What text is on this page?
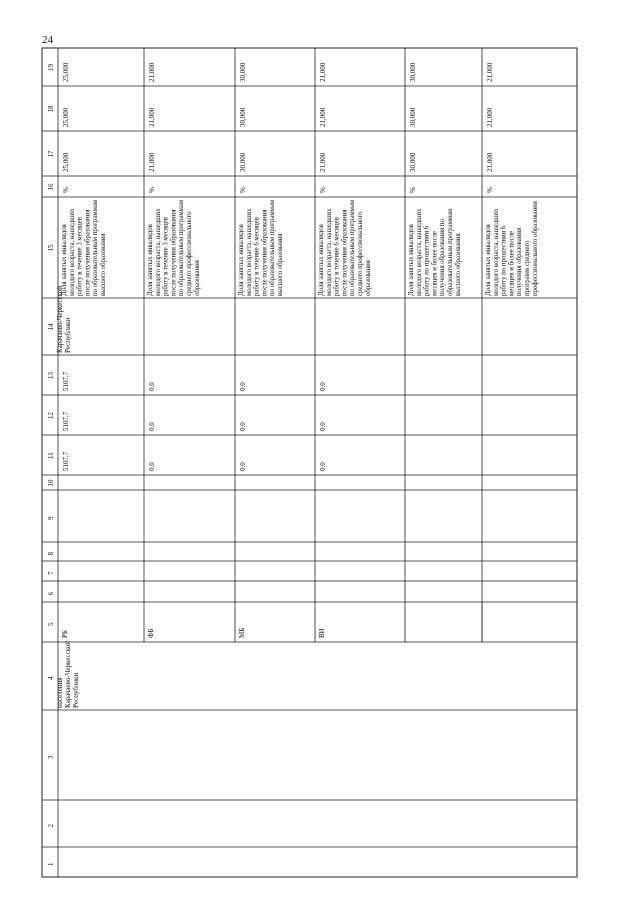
24
1
2
3
4
5
6
7
8
9
10
11
12
13
14
15
16
17
18
19
населения Карачаево-Черкесской Республики
Карачаево-Черкесской Республики
РБ
5107,7
5107,7
5107,7
Доля занятых инвалидов молодого возраста, нашедших работу в течение 3 месяцев после получения образования по образовательным программам высшего образования
%
25,000
25,000
25,000
ФБ
0,0
0,0
0,0
Доля занятых инвалидов молодого возраста, нашедших работу в течение 3 месяцев после получения образования по образовательным программам среднего профессионального образования
%
21,000
21,000
21,000
МБ
0,0
0,0
0,0
Доля занятых инвалидов молодого возраста, нашедших работу в течение 6 месяцев после получения образования по образовательным программам высшего образования
%
30,000
30,000
30,000
ВИ
0,0
0,0
0,0
Доля занятых инвалидов молодого возраста, нашедших работу в течение 6 месяцев после получения образования по образовательным программам среднего профессионального образования
%
21,000
21,000
21,000
Доля занятых инвалидов молодого возраста, нашедших работу по прошествии 6 месяцев и более после получения образования по образовательным программам высшего образования
%
30,000
30,000
30,000
Доля занятых инвалидов молодого возраста, нашедших работу по прошествии 6 месяцев и более после получения образования программ среднего профессионального образования
%
21,000
21,000
21,000
